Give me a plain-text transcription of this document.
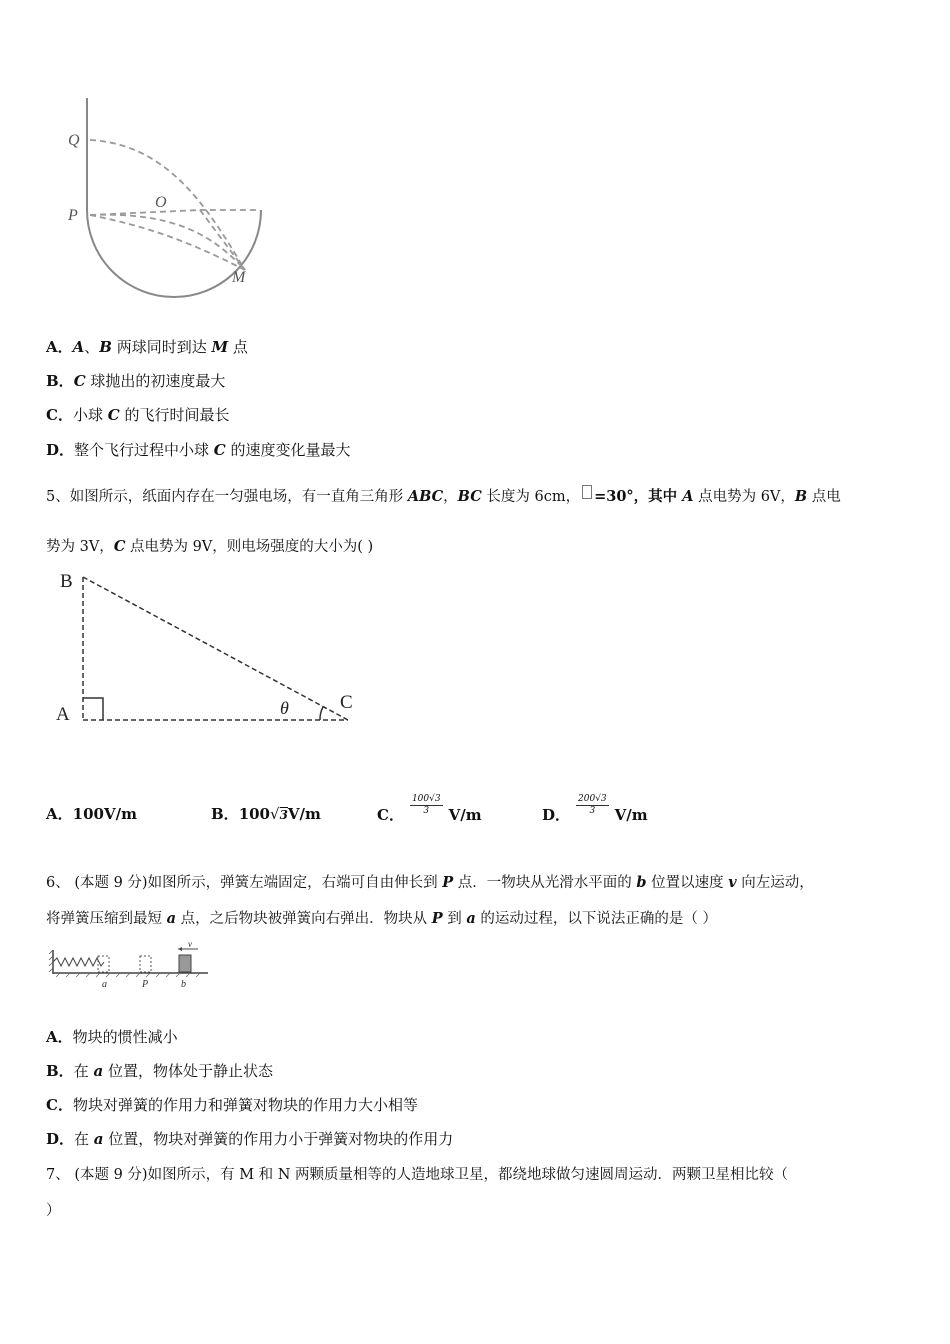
Q
P
O
M
A．A、B 两球同时到达 M 点
B．C 球抛出的初速度最大
C．小球 C 的飞行时间最长
D．整个飞行过程中小球 C 的速度变化量最大
5、如图所示，纸面内存在一匀强电场，有一直角三角形 ABC，BC 长度为 6cm， =30°，其中 A 点电势为 6V，B 点电
势为 3V，C 点电势为 9V，则电场强度的大小为( )
B
A
C
θ
A．100V/m	B．100√3V/m	C． $\frac{100√3}{3} V/m$	D． $\frac{200√3}{3} V/m$
6、 (本题 9 分)如图所示，弹簧左端固定，右端可自由伸长到 P 点．一物块从光滑水平面的 b 位置以速度 v 向左运动，
将弹簧压缩到最短 a 点，之后物块被弹簧向右弹出．物块从 P 到 a 的运动过程，以下说法正确的是（ ）
v
a	P	b
A．物块的惯性减小
B．在 a 位置，物体处于静止状态
C．物块对弹簧的作用力和弹簧对物块的作用力大小相等
D．在 a 位置，物块对弹簧的作用力小于弹簧对物块的作用力
7、 (本题 9 分)如图所示，有 M 和 N 两颗质量相等的人造地球卫星，都绕地球做匀速圆周运动．两颗卫星相比较（
）
